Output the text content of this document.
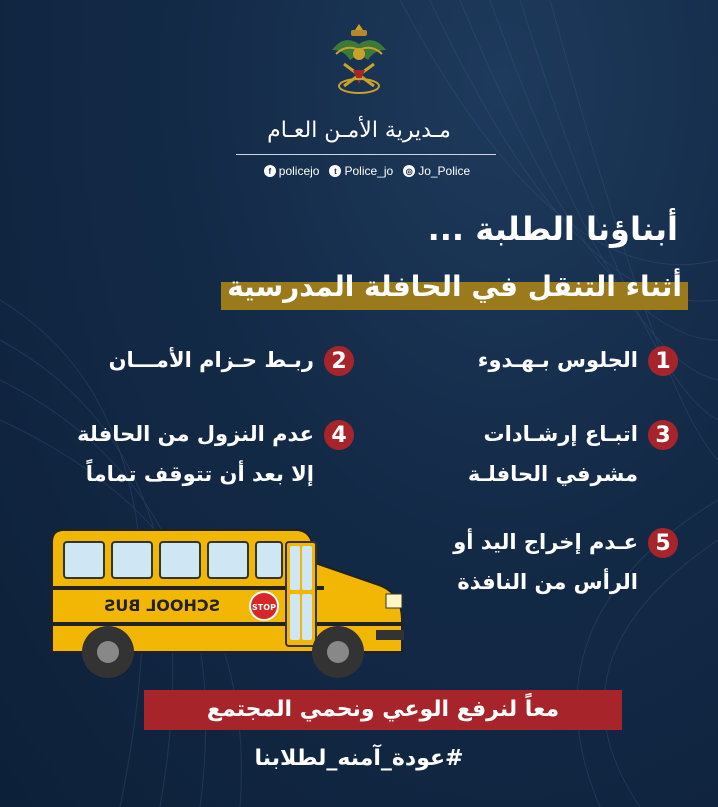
مـديرية الأمـن العـام
f policejo	t Police_jo	◎ Jo_Police
أبناؤنا الطلبة ...
أثناء التنقل في الحافلة المدرسية
1
الجلوس بـهـدوء
2
ربـط حـزام الأمـــان
3
اتبـاع إرشـادات
مشرفي الحافلـة
4
عدم النزول من الحافلة
إلا بعد أن تتوقف تماماً
5
عـدم إخراج اليد أو
الرأس من النافذة
SCHOOL BUS	STOP
معاً لنرفع الوعي ونحمي المجتمع
#عودة_آمنه_لطلابنا
